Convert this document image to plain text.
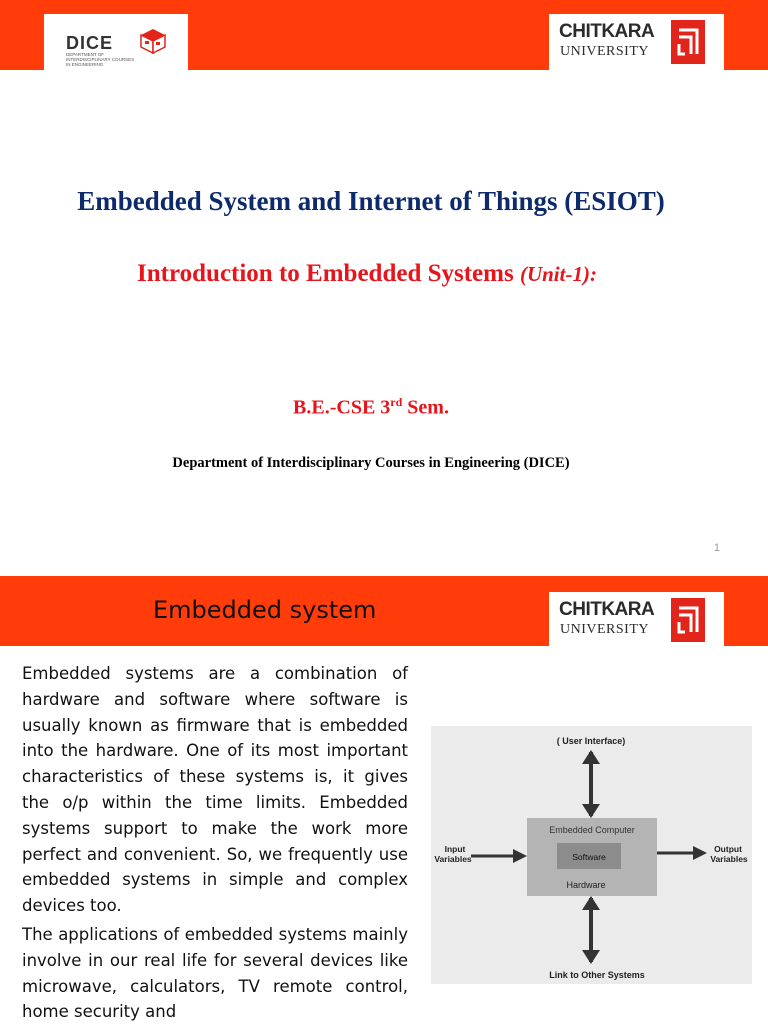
DICE
DEPARTMENT OF INTERDISCIPLINARY COURSES IN ENGINEERING
CHITKARA
UNIVERSITY
Embedded System and Internet of Things (ESIOT)
Introduction to Embedded Systems (Unit-1):
B.E.-CSE 3rd Sem.
Department of Interdisciplinary Courses in Engineering (DICE)
1
Embedded system	CHITKARA
UNIVERSITY
Embedded systems are a combination of hardware and software where software is usually known as firmware that is embedded into the hardware. One of its most important characteristics of these systems is, it gives the o/p within the time limits. Embedded systems support to make the work more perfect and convenient. So, we frequently use embedded systems in simple and complex devices too.
The applications of embedded systems mainly involve in our real life for several devices like microwave, calculators, TV remote control, home security and
( User Interface)
Embedded Computer
Software
Hardware
Input
Variables
Output
Variables
Link to Other Systems
